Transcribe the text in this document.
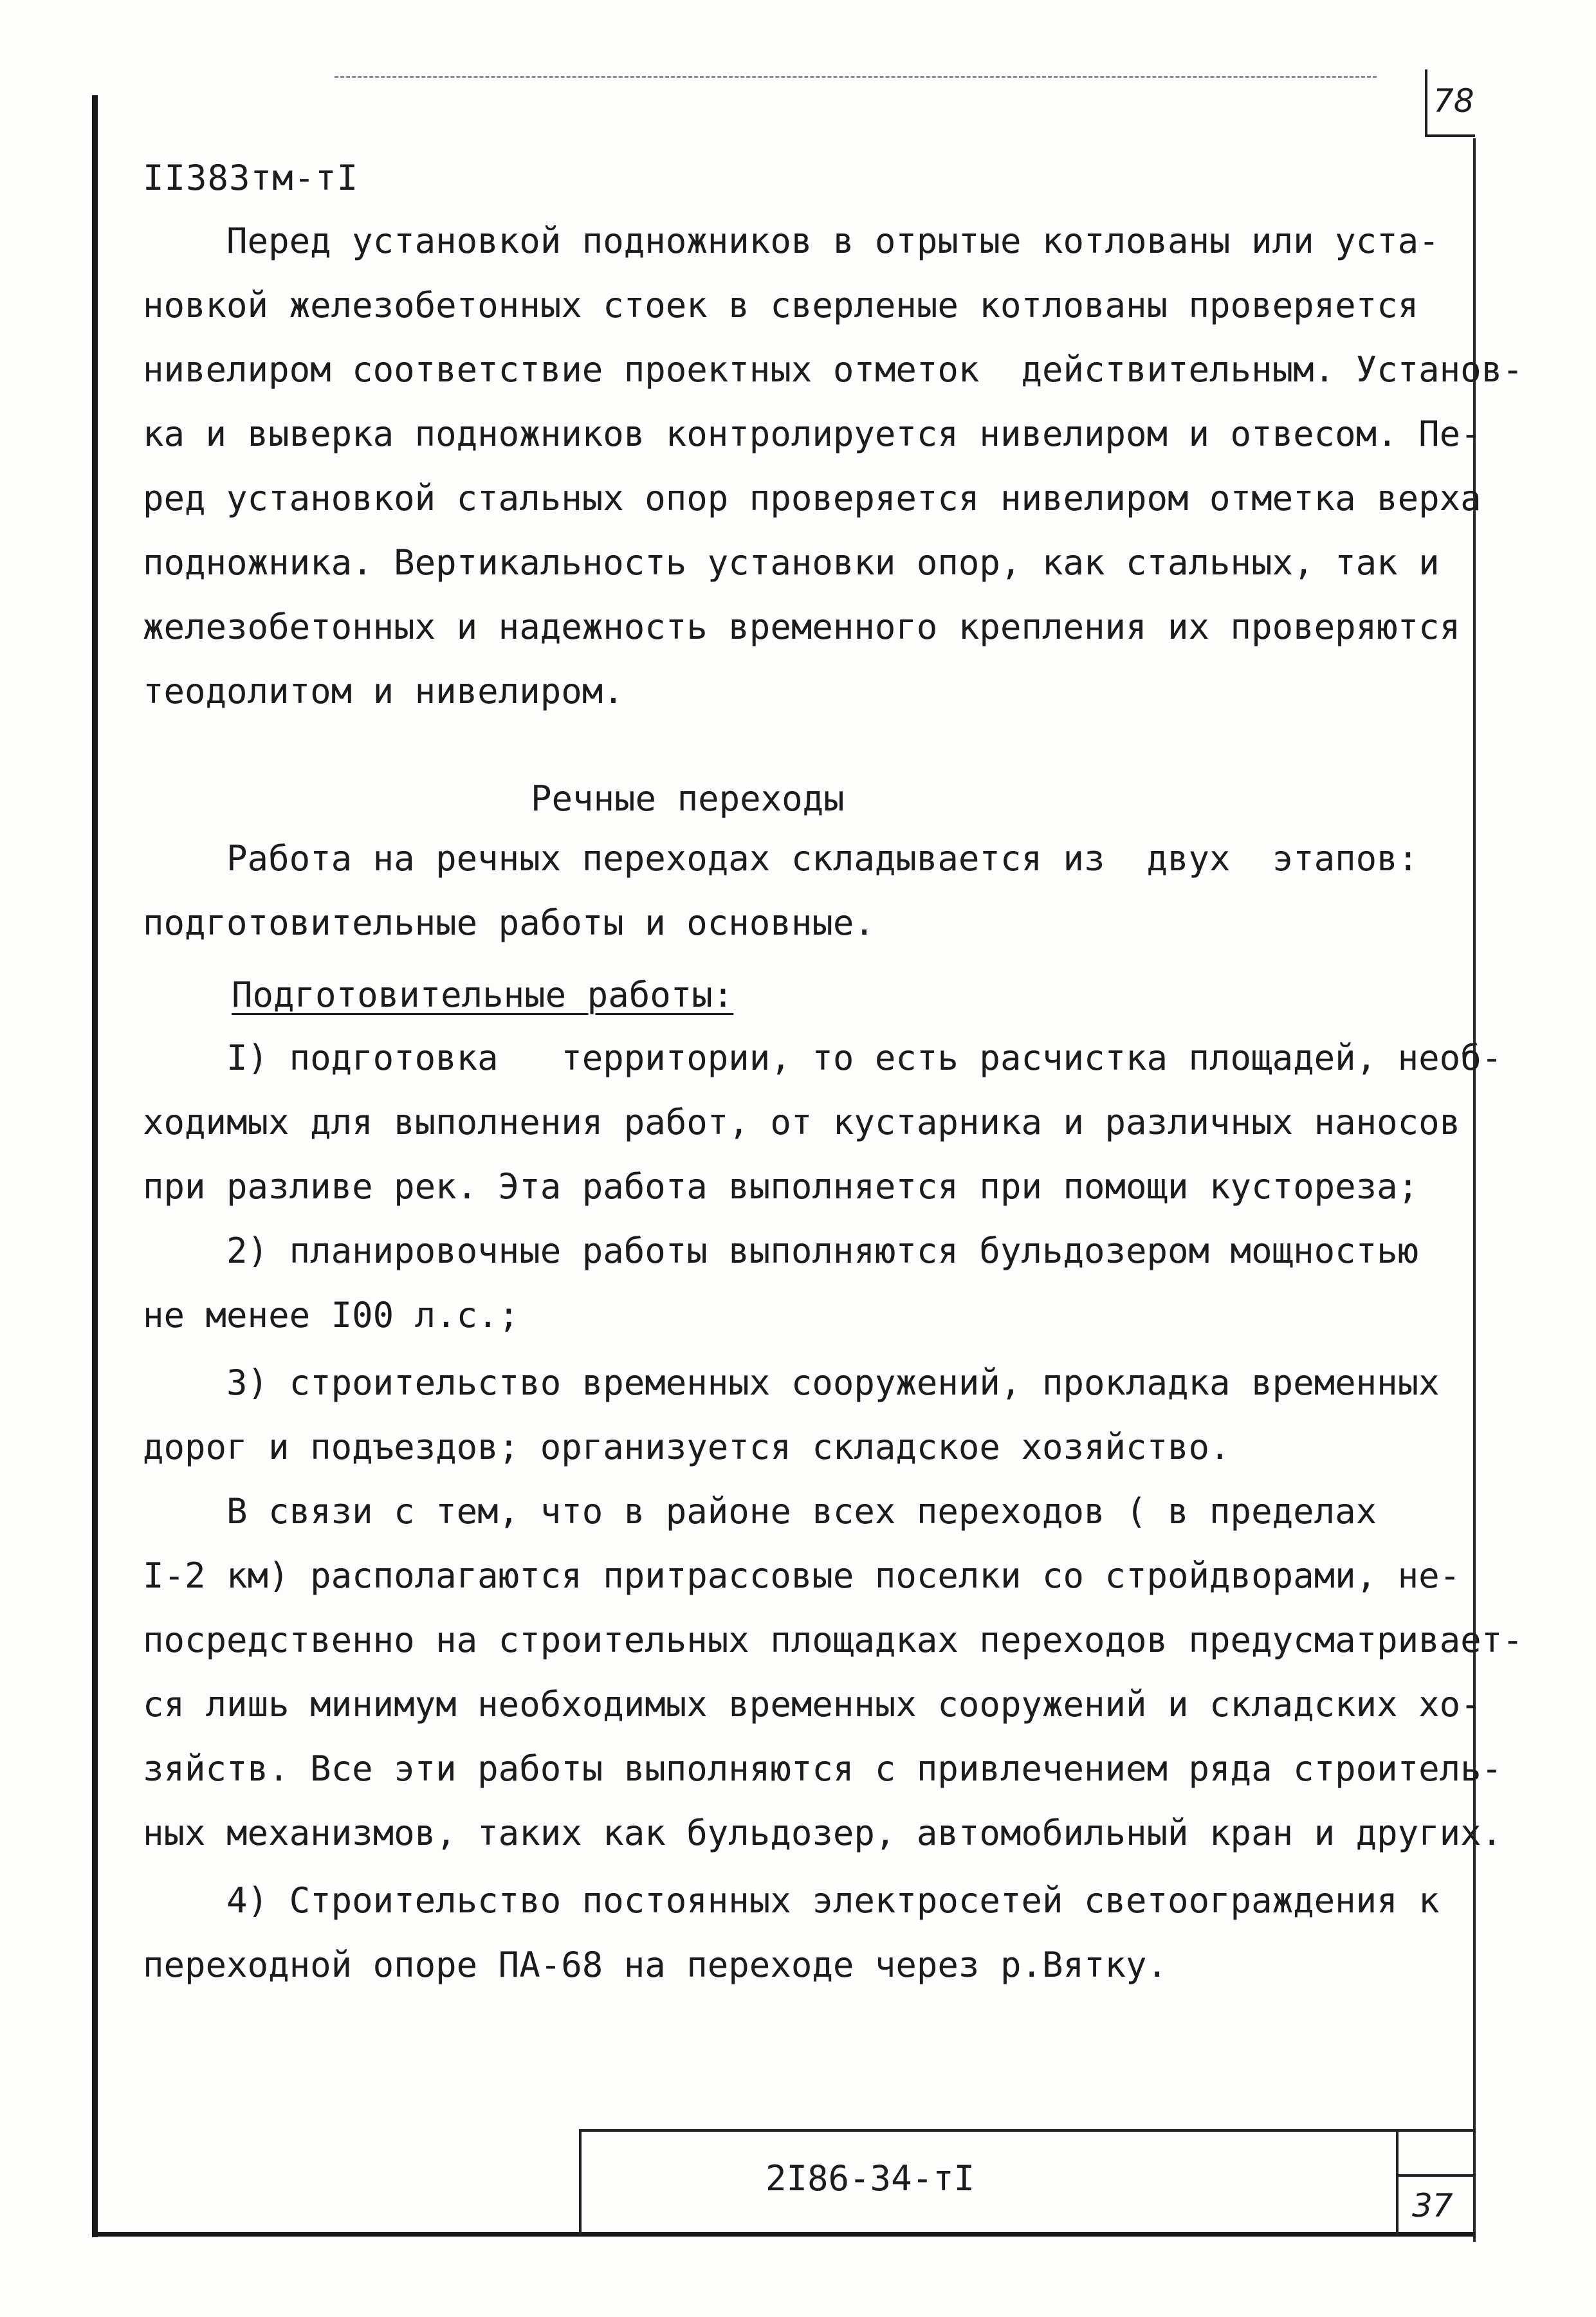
78
II383тм-тI
Перед установкой подножников в отрытые котлованы или уста-
новкой железобетонных стоек в сверленые котлованы проверяется
нивелиром соответствие проектных отметок  действительным. Установ-
ка и выверка подножников контролируется нивелиром и отвесом. Пе-
ред установкой стальных опор проверяется нивелиром отметка верха
подножника. Вертикальность установки опор, как стальных, так и
железобетонных и надежность временного крепления их проверяются
теодолитом и нивелиром.
Речные переходы
Работа на речных переходах складывается из  двух  этапов:
подготовительные работы и основные.
Подготовительные работы:
I) подготовка   территории, то есть расчистка площадей, необ-
ходимых для выполнения работ, от кустарника и различных наносов
при разливе рек. Эта работа выполняется при помощи кустореза;
2) планировочные работы выполняются бульдозером мощностью
не менее I00 л.с.;
3) строительство временных сооружений, прокладка временных
дорог и подъездов; организуется складское хозяйство.
В связи с тем, что в районе всех переходов ( в пределах
I-2 км) располагаются притрассовые поселки со стройдворами, не-
посредственно на строительных площадках переходов предусматривает-
ся лишь минимум необходимых временных сооружений и складских хо-
зяйств. Все эти работы выполняются с привлечением ряда строитель-
ных механизмов, таких как бульдозер, автомобильный кран и других.
4) Строительство постоянных электросетей светоограждения к
переходной опоре ПА-68 на переходе через р.Вятку.
2I86-34-тI
37
